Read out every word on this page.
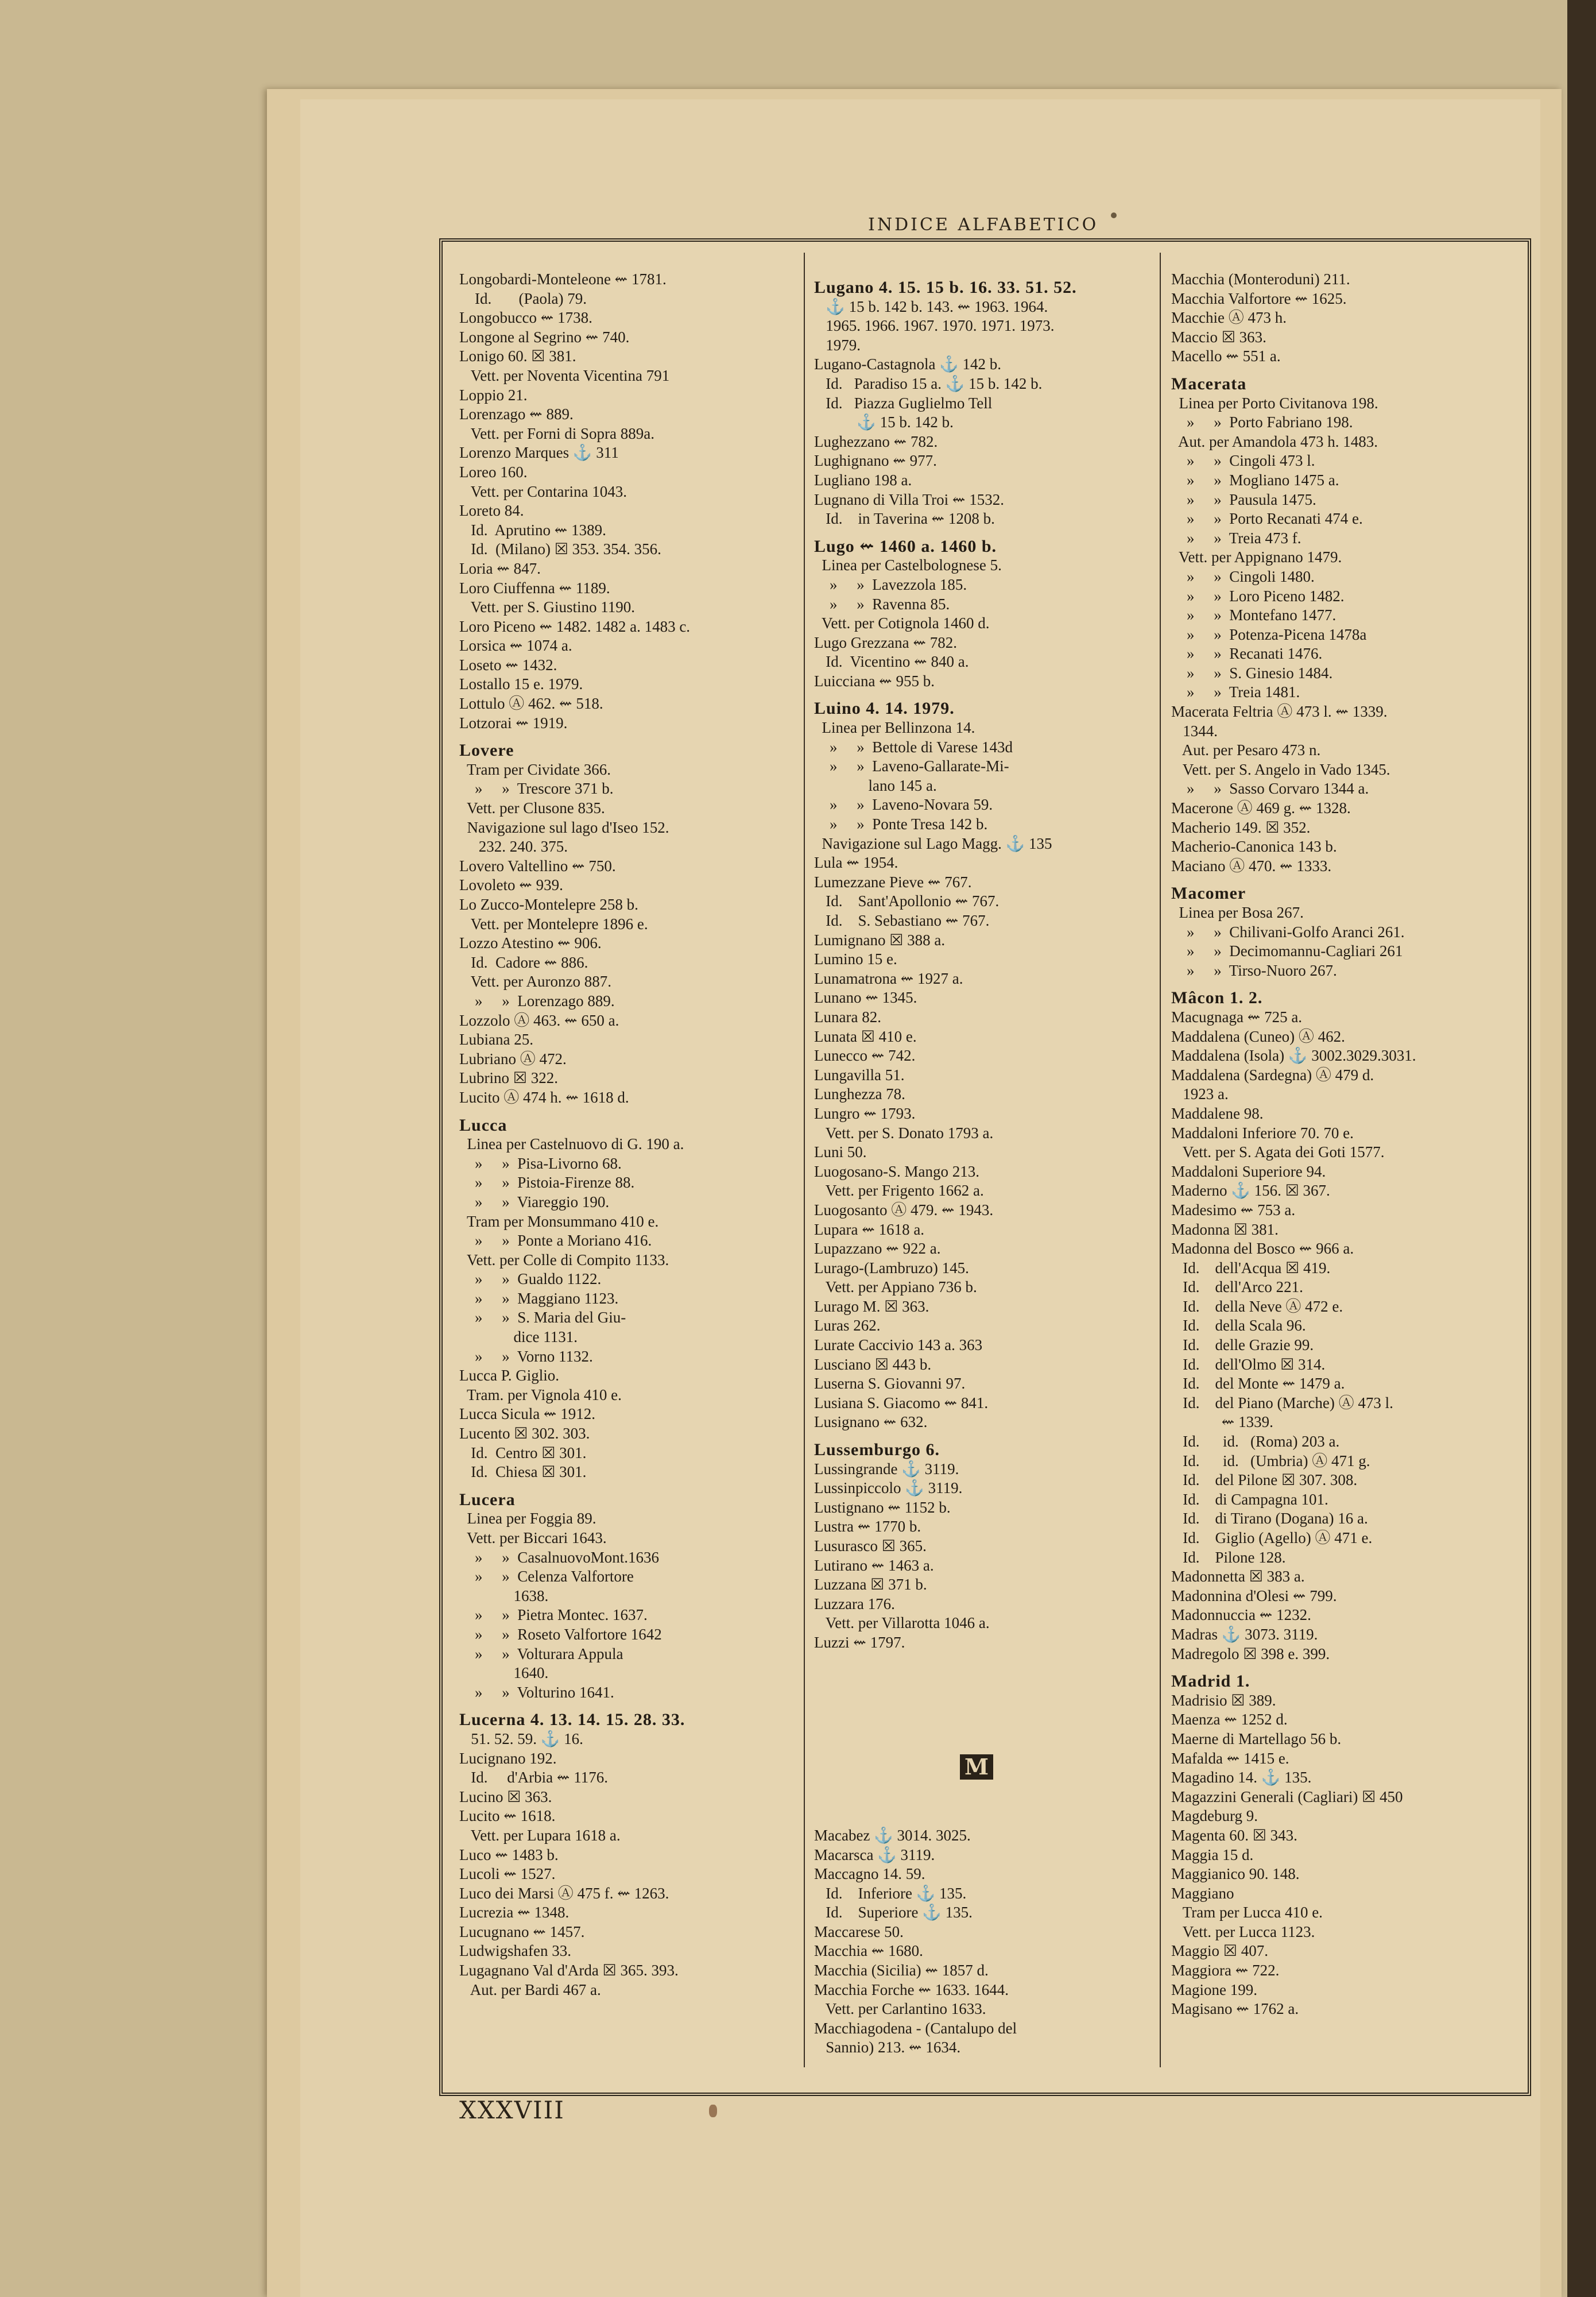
INDICE ALFABETICO
Longobardi-Monteleone ⇜ 1781.
Id.       (Paola) 79.
Longobucco ⇜ 1738.
Longone al Segrino ⇜ 740.
Lonigo 60. ☒ 381.
Vett. per Noventa Vicentina 791
Loppio 21.
Lorenzago ⇜ 889.
Vett. per Forni di Sopra 889a.
Lorenzo Marques ⚓ 311
Loreo 160.
Vett. per Contarina 1043.
Loreto 84.
Id.  Aprutino ⇜ 1389.
Id.  (Milano) ☒ 353. 354. 356.
Loria ⇜ 847.
Loro Ciuffenna ⇜ 1189.
Vett. per S. Giustino 1190.
Loro Piceno ⇜ 1482. 1482 a. 1483 c.
Lorsica ⇜ 1074 a.
Loseto ⇜ 1432.
Lostallo 15 e. 1979.
Lottulo Ⓐ 462. ⇜ 518.
Lotzorai ⇜ 1919.
Lovere
Tram per Cividate 366.
»     »  Trescore 371 b.
Vett. per Clusone 835.
Navigazione sul lago d'Iseo 152.
232. 240. 375.
Lovero Valtellino ⇜ 750.
Lovoleto ⇜ 939.
Lo Zucco-Montelepre 258 b.
Vett. per Montelepre 1896 e.
Lozzo Atestino ⇜ 906.
Id.  Cadore ⇜ 886.
Vett. per Auronzo 887.
»     »  Lorenzago 889.
Lozzolo Ⓐ 463. ⇜ 650 a.
Lubiana 25.
Lubriano Ⓐ 472.
Lubrino ☒ 322.
Lucito Ⓐ 474 h. ⇜ 1618 d.
Lucca
Linea per Castelnuovo di G. 190 a.
»     »  Pisa-Livorno 68.
»     »  Pistoia-Firenze 88.
»     »  Viareggio 190.
Tram per Monsummano 410 e.
»     »  Ponte a Moriano 416.
Vett. per Colle di Compito 1133.
»     »  Gualdo 1122.
»     »  Maggiano 1123.
»     »  S. Maria del Giu-
dice 1131.
»     »  Vorno 1132.
Lucca P. Giglio.
Tram. per Vignola 410 e.
Lucca Sicula ⇜ 1912.
Lucento ☒ 302. 303.
Id.  Centro ☒ 301.
Id.  Chiesa ☒ 301.
Lucera
Linea per Foggia 89.
Vett. per Biccari 1643.
»     »  CasalnuovoMont.1636
»     »  Celenza Valfortore
1638.
»     »  Pietra Montec. 1637.
»     »  Roseto Valfortore 1642
»     »  Volturara Appula
1640.
»     »  Volturino 1641.
Lucerna 4. 13. 14. 15. 28. 33.
51. 52. 59. ⚓ 16.
Lucignano 192.
Id.     d'Arbia ⇜ 1176.
Lucino ☒ 363.
Lucito ⇜ 1618.
Vett. per Lupara 1618 a.
Luco ⇜ 1483 b.
Lucoli ⇜ 1527.
Luco dei Marsi Ⓐ 475 f. ⇜ 1263.
Lucrezia ⇜ 1348.
Lucugnano ⇜ 1457.
Ludwigshafen 33.
Lugagnano Val d'Arda ☒ 365. 393.
Aut. per Bardi 467 a.
Lugano 4. 15. 15 b. 16. 33. 51. 52.
⚓ 15 b. 142 b. 143. ⇜ 1963. 1964.
1965. 1966. 1967. 1970. 1971. 1973.
1979.
Lugano-Castagnola ⚓ 142 b.
Id.   Paradiso 15 a. ⚓ 15 b. 142 b.
Id.   Piazza Guglielmo Tell
⚓ 15 b. 142 b.
Lughezzano ⇜ 782.
Lughignano ⇜ 977.
Lugliano 198 a.
Lugnano di Villa Troi ⇜ 1532.
Id.    in Taverina ⇜ 1208 b.
Lugo ⇜ 1460 a. 1460 b.
Linea per Castelbolognese 5.
»     »  Lavezzola 185.
»     »  Ravenna 85.
Vett. per Cotignola 1460 d.
Lugo Grezzana ⇜ 782.
Id.  Vicentino ⇜ 840 a.
Luicciana ⇜ 955 b.
Luino 4. 14. 1979.
Linea per Bellinzona 14.
»     »  Bettole di Varese 143d
»     »  Laveno-Gallarate-Mi-
lano 145 a.
»     »  Laveno-Novara 59.
»     »  Ponte Tresa 142 b.
Navigazione sul Lago Magg. ⚓ 135
Lula ⇜ 1954.
Lumezzane Pieve ⇜ 767.
Id.    Sant'Apollonio ⇜ 767.
Id.    S. Sebastiano ⇜ 767.
Lumignano ☒ 388 a.
Lumino 15 e.
Lunamatrona ⇜ 1927 a.
Lunano ⇜ 1345.
Lunara 82.
Lunata ☒ 410 e.
Lunecco ⇜ 742.
Lungavilla 51.
Lunghezza 78.
Lungro ⇜ 1793.
Vett. per S. Donato 1793 a.
Luni 50.
Luogosano-S. Mango 213.
Vett. per Frigento 1662 a.
Luogosanto Ⓐ 479. ⇜ 1943.
Lupara ⇜ 1618 a.
Lupazzano ⇜ 922 a.
Lurago-(Lambruzo) 145.
Vett. per Appiano 736 b.
Lurago M. ☒ 363.
Luras 262.
Lurate Caccivio 143 a. 363
Lusciano ☒ 443 b.
Luserna S. Giovanni 97.
Lusiana S. Giacomo ⇜ 841.
Lusignano ⇜ 632.
Lussemburgo 6.
Lussingrande ⚓ 3119.
Lussinpiccolo ⚓ 3119.
Lustignano ⇜ 1152 b.
Lustra ⇜ 1770 b.
Lusurasco ☒ 365.
Lutirano ⇜ 1463 a.
Luzzana ☒ 371 b.
Luzzara 176.
Vett. per Villarotta 1046 a.
Luzzi ⇜ 1797.
Macabez ⚓ 3014. 3025.
Macarsca ⚓ 3119.
Maccagno 14. 59.
Id.    Inferiore ⚓ 135.
Id.    Superiore ⚓ 135.
Maccarese 50.
Macchia ⇜ 1680.
Macchia (Sicilia) ⇜ 1857 d.
Macchia Forche ⇜ 1633. 1644.
Vett. per Carlantino 1633.
Macchiagodena - (Cantalupo del
Sannio) 213. ⇜ 1634.
Macchia (Monteroduni) 211.
Macchia Valfortore ⇜ 1625.
Macchie Ⓐ 473 h.
Maccio ☒ 363.
Macello ⇜ 551 a.
Macerata
Linea per Porto Civitanova 198.
»     »  Porto Fabriano 198.
Aut. per Amandola 473 h. 1483.
»     »  Cingoli 473 l.
»     »  Mogliano 1475 a.
»     »  Pausula 1475.
»     »  Porto Recanati 474 e.
»     »  Treia 473 f.
Vett. per Appignano 1479.
»     »  Cingoli 1480.
»     »  Loro Piceno 1482.
»     »  Montefano 1477.
»     »  Potenza-Picena 1478a
»     »  Recanati 1476.
»     »  S. Ginesio 1484.
»     »  Treia 1481.
Macerata Feltria Ⓐ 473 l. ⇜ 1339.
1344.
Aut. per Pesaro 473 n.
Vett. per S. Angelo in Vado 1345.
»     »  Sasso Corvaro 1344 a.
Macerone Ⓐ 469 g. ⇜ 1328.
Macherio 149. ☒ 352.
Macherio-Canonica 143 b.
Maciano Ⓐ 470. ⇜ 1333.
Macomer
Linea per Bosa 267.
»     »  Chilivani-Golfo Aranci 261.
»     »  Decimomannu-Cagliari 261
»     »  Tirso-Nuoro 267.
Mâcon 1. 2.
Macugnaga ⇜ 725 a.
Maddalena (Cuneo) Ⓐ 462.
Maddalena (Isola) ⚓ 3002.3029.3031.
Maddalena (Sardegna) Ⓐ 479 d.
1923 a.
Maddalene 98.
Maddaloni Inferiore 70. 70 e.
Vett. per S. Agata dei Goti 1577.
Maddaloni Superiore 94.
Maderno ⚓ 156. ☒ 367.
Madesimo ⇜ 753 a.
Madonna ☒ 381.
Madonna del Bosco ⇜ 966 a.
Id.    dell'Acqua ☒ 419.
Id.    dell'Arco 221.
Id.    della Neve Ⓐ 472 e.
Id.    della Scala 96.
Id.    delle Grazie 99.
Id.    dell'Olmo ☒ 314.
Id.    del Monte ⇜ 1479 a.
Id.    del Piano (Marche) Ⓐ 473 l.
⇜ 1339.
Id.      id.   (Roma) 203 a.
Id.      id.   (Umbria) Ⓐ 471 g.
Id.    del Pilone ☒ 307. 308.
Id.    di Campagna 101.
Id.    di Tirano (Dogana) 16 a.
Id.    Giglio (Agello) Ⓐ 471 e.
Id.    Pilone 128.
Madonnetta ☒ 383 a.
Madonnina d'Olesi ⇜ 799.
Madonnuccia ⇜ 1232.
Madras ⚓ 3073. 3119.
Madregolo ☒ 398 e. 399.
Madrid 1.
Madrisio ☒ 389.
Maenza ⇜ 1252 d.
Maerne di Martellago 56 b.
Mafalda ⇜ 1415 e.
Magadino 14. ⚓ 135.
Magazzini Generali (Cagliari) ☒ 450
Magdeburg 9.
Magenta 60. ☒ 343.
Maggia 15 d.
Maggianico 90. 148.
Maggiano
Tram per Lucca 410 e.
Vett. per Lucca 1123.
Maggio ☒ 407.
Maggiora ⇜ 722.
Magione 199.
Magisano ⇜ 1762 a.
M
XXXVIII
